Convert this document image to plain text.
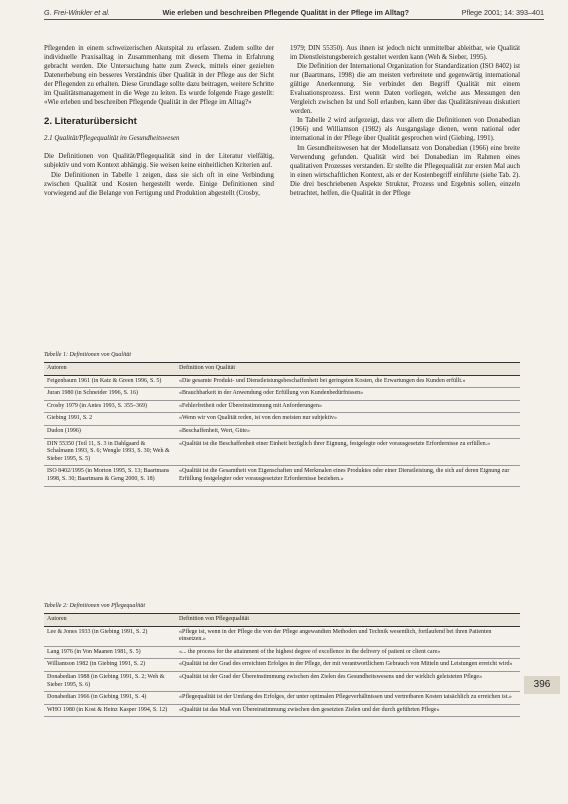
G. Frei-Winkler et al.	Wie erleben und beschreiben Pflegende Qualität in der Pflege im Alltag?	Pflege 2001; 14: 393–401

Pflegenden in einem schweizerischen Akutspital zu erfassen. Zudem sollte der individuelle Praxisalltag in Zusammenhang mit diesem Thema in Erfahrung gebracht werden. Die Untersuchung hatte zum Zweck, mittels einer gezielten Datenerhebung ein besseres Verständnis über Qualität in der Pflege aus der Sicht der Pflegenden zu erhalten. Diese Grundlage sollte dazu beitragen, weitere Schritte im Qualitätsmanagement in die Wege zu leiten. Es wurde folgende Frage gestellt: «Wie erleben und beschreiben Pflegende Qualität in der Pflege im Alltag?»

2. Literaturübersicht
2.1 Qualität/Pflegequalität im Gesundheitswesen

Die Definitionen von Qualität/Pflegequalität sind in der Literatur vielfältig, subjektiv und vom Kontext abhängig. Sie weisen keine einheitlichen Kriterien auf.

Die Definitionen in Tabelle 1 zeigen, dass sie sich oft in eine Verbindung zwischen Qualität und Kosten hergestellt werde. Einige Definitionen sind vorwiegend auf die Belange von Fertigung und Produktion abgestellt (Crosby,

1979; DIN 55350). Aus ihnen ist jedoch nicht unmittelbar ableitbar, wie Qualität im Dienstleistungsbereich gestaltet werden kann (Weh & Sieber, 1995).

Die Definition der International Organization for Standardization (ISO 8402) ist nur (Baartmans, 1998) die am meisten verbreitete und gegenwärtig international gültige Anerkennung. Sie verbindet den Begriff Qualität mit einem Evaluationsprozess. Erst wenn Daten vorliegen, welche aus Messungen den Vergleich zwischen Ist und Soll erlauben, kann über das Qualitätsniveau diskutiert werden.

In Tabelle 2 wird aufgezeigt, dass vor allem die Definitionen von Donabedian (1966) und Williamson (1982) als Ausgangslage dienen, wenn national oder international in der Pflege über Qualität gesprochen wird (Giebing, 1991).

Im Gesundheitswesen hat der Modellansatz von Donabedian (1966) eine breite Verwendung gefunden. Qualität wird bei Donabedian im Rahmen eines qualitativen Prozesses verstanden. Er stellte die Pflegequalität zur ersten Mal auch in einen wirtschaftlichen Kontext, als er der Kostenbegriff einführte (siehe Tab. 2). Die drei beschriebenen Aspekte Struktur, Prozess und Ergebnis sollen, einzeln betrachtet, helfen, die Qualität in der Pflege

Tabelle 1: Definitionen von Qualität
Autoren	Definition von Qualität
Feigenbaum 1961 (in Katz & Green 1996, S. 5)	«Die gesamte Produkt- und Dienstleistungsbeschaffenheit bei geringsten Kosten, die Erwartungen des Kunden erfüllt.»
Juran 1980 (in Schneider 1996, S. 16)	«Brauchbarkeit in der Anwendung oder Erfüllung von Kundenbedürfnissen»
Crosby 1979 (in Antes 1993, S. 355–369)	«Fehlerfreiheit oder Übereinstimmung mit Anforderungen»
Giebing 1991, S. 2	«Wenn wir von Qualität reden, ist von den meisten nur subjektiv»
Dudon (1996)	«Beschaffenheit, Wert, Güte»
DIN 55350 (Teil 11, S. 3 in Dahlgaard & Schalmann 1993, S. 6; Wengle 1993, S. 30; Weh & Sieber 1995, S. 5)	«Qualität ist die Beschaffenheit einer Einheit bezüglich ihrer Eignung, festgelegte oder vorausgesetzte Erfordernisse zu erfüllen.»
ISO 8402/1995 (in Morton 1995, S. 13; Baartmans 1998, S. 30; Baartmans & Geng 2000, S. 18)	«Qualität ist die Gesamtheit von Eigenschaften und Merkmalen eines Produktes oder einer Dienstleistung, die sich auf deren Eignung zur Erfüllung festgelegter oder vorausgesetzter Erfordernisse beziehen.»
Tabelle 2: Definitionen von Pflegequalität
Autoren	Definition von Pflegequalität
Lee & Jones 1933 (in Giebing 1991, S. 2)	«Pflege ist, wenn in der Pflege die von der Pflege angewandten Methoden und Technik wesentlich, fortlaufend bei ihren Patienten einsetzen.»
Lang 1976 (in Von Maanen 1981, S. 5)	«... the process for the attainment of the highest degree of excellence in the delivery of patient or client care»
Williamson 1982 (in Giebing 1991, S. 2)	«Qualität ist der Grad des erreichten Erfolges in der Pflege, der mit verantwortlichem Gebrauch von Mitteln und Leistungen erreicht wird»
Donabedian 1988 (in Giebing 1991, S. 2; Weh & Sieber 1995, S. 6)	«Qualität ist der Grad der Übereinstimmung zwischen den Zielen des Gesundheitswesens und der wirklich geleisteten Pflege»
Donabedian 1966 (in Giebing 1991, S. 4)	«Pflegequalität ist der Umfang des Erfolges, der unter optimalen Pflegeverhältnissen und vertretbaren Kosten tatsächlich zu erreichen ist.»
WHO 1980 (in Kost & Heinz Kasper 1994, S. 12)	«Qualität ist das Maß von Übereinstimmung zwischen den gesetzten Zielen und der durch geführten Pflege»
396
